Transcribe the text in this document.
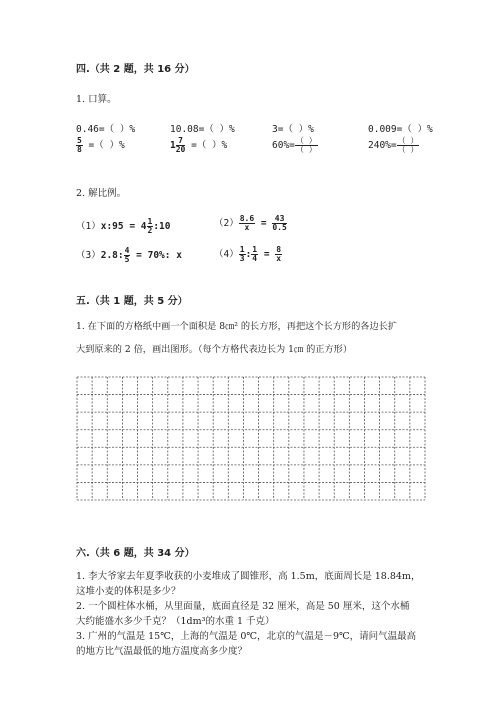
四.（共 2 题，共 16 分）
1. 口算。
0.46=（ ）%	10.08=（ ）%	3=（ ）%	0.009=（ ）%
$\frac{5}{8}$ =（ ）%	$1 \frac{7}{20}$ =（ ）%	$60\%= \frac{( )}{( )}$	$240\%= \frac{( )}{( )}$
2. 解比例。
（1）x:95 = $4 \frac{1}{2}$ :10	$(2) \frac{8.6}{x} = \frac{43}{0.5}$
（3）2.8: $\frac{4}{5} = 70\%$: x	$(4) \frac{1}{3}$ : $\frac{1}{4} = \frac{8}{x}$
五.（共 1 题，共 5 分）
1. 在下面的方格纸中画一个面积是 8㎝² 的长方形，再把这个长方形的各边长扩
大到原来的 2 倍，画出图形。（每个方格代表边长为 1㎝ 的正方形）
六.（共 6 题，共 34 分）
1. 李大爷家去年夏季收获的小麦堆成了圆锥形，高 1.5m，底面周长是 18.84m，
这堆小麦的体积是多少？
2. 一个圆柱体水桶，从里面量，底面直径是 32 厘米，高是 50 厘米，这个水桶
大约能盛水多少千克？（1dm³的水重 1 千克）
3. 广州的气温是 15℃，上海的气温是 0℃，北京的气温是－9℃，请问气温最高
的地方比气温最低的地方温度高多少度？
